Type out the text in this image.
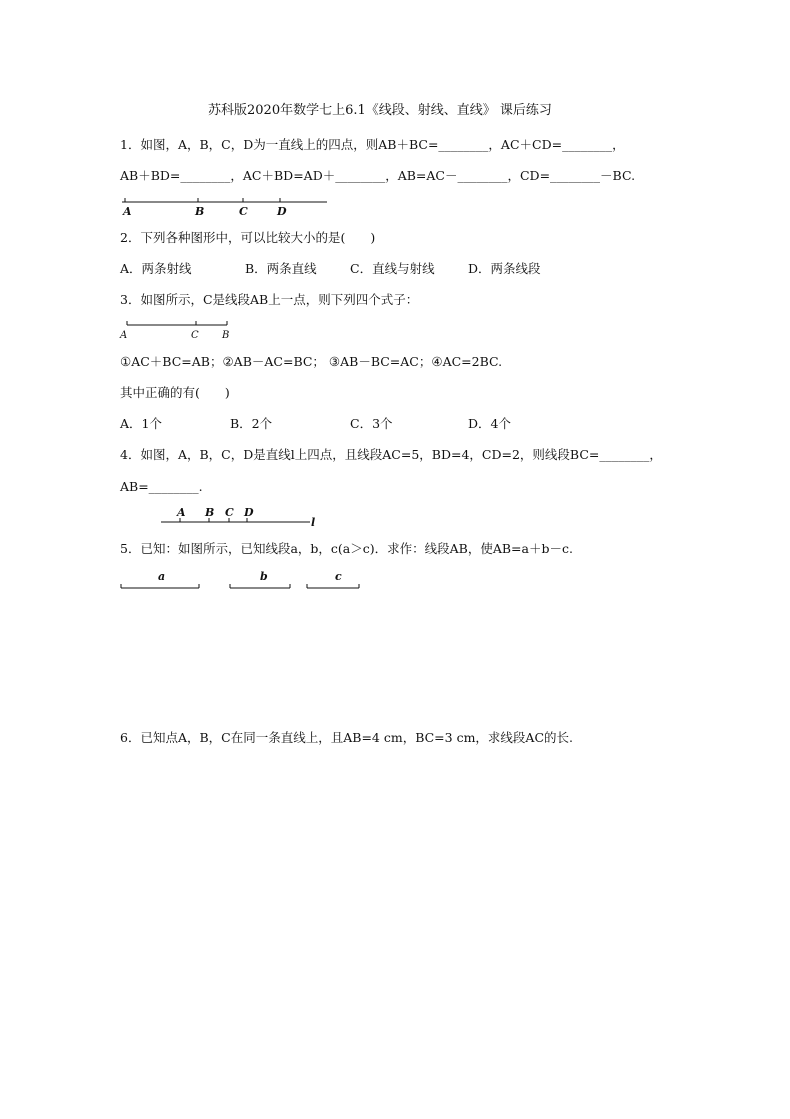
苏科版2020年数学七上6.1《线段、射线、直线》 课后练习
1．如图，A，B，C，D为一直线上的四点，则AB＋BC=________，AC＋CD=________，
AB＋BD=________，AC＋BD=AD＋________，AB=AC－________，CD=________－BC.
A	B	C	D
2．下列各种图形中，可以比较大小的是(　　)
A．两条射线	B．两条直线	C．直线与射线	D．两条线段
3．如图所示，C是线段AB上一点，则下列四个式子：
A	C B
①AC＋BC=AB；②AB－AC=BC； ③AB－BC=AC；④AC=2BC.
其中正确的有(　　)
A．1个	B．2个	C．3个	D．4个
4．如图，A，B，C，D是直线l上四点，且线段AC=5，BD=4，CD=2，则线段BC=________，
AB=________.
A B C D
l
5．已知：如图所示，已知线段a，b，c(a＞c)．求作：线段AB，使AB=a＋b－c.
a	b	c
6．已知点A，B，C在同一条直线上，且AB=4 cm，BC=3 cm，求线段AC的长.
